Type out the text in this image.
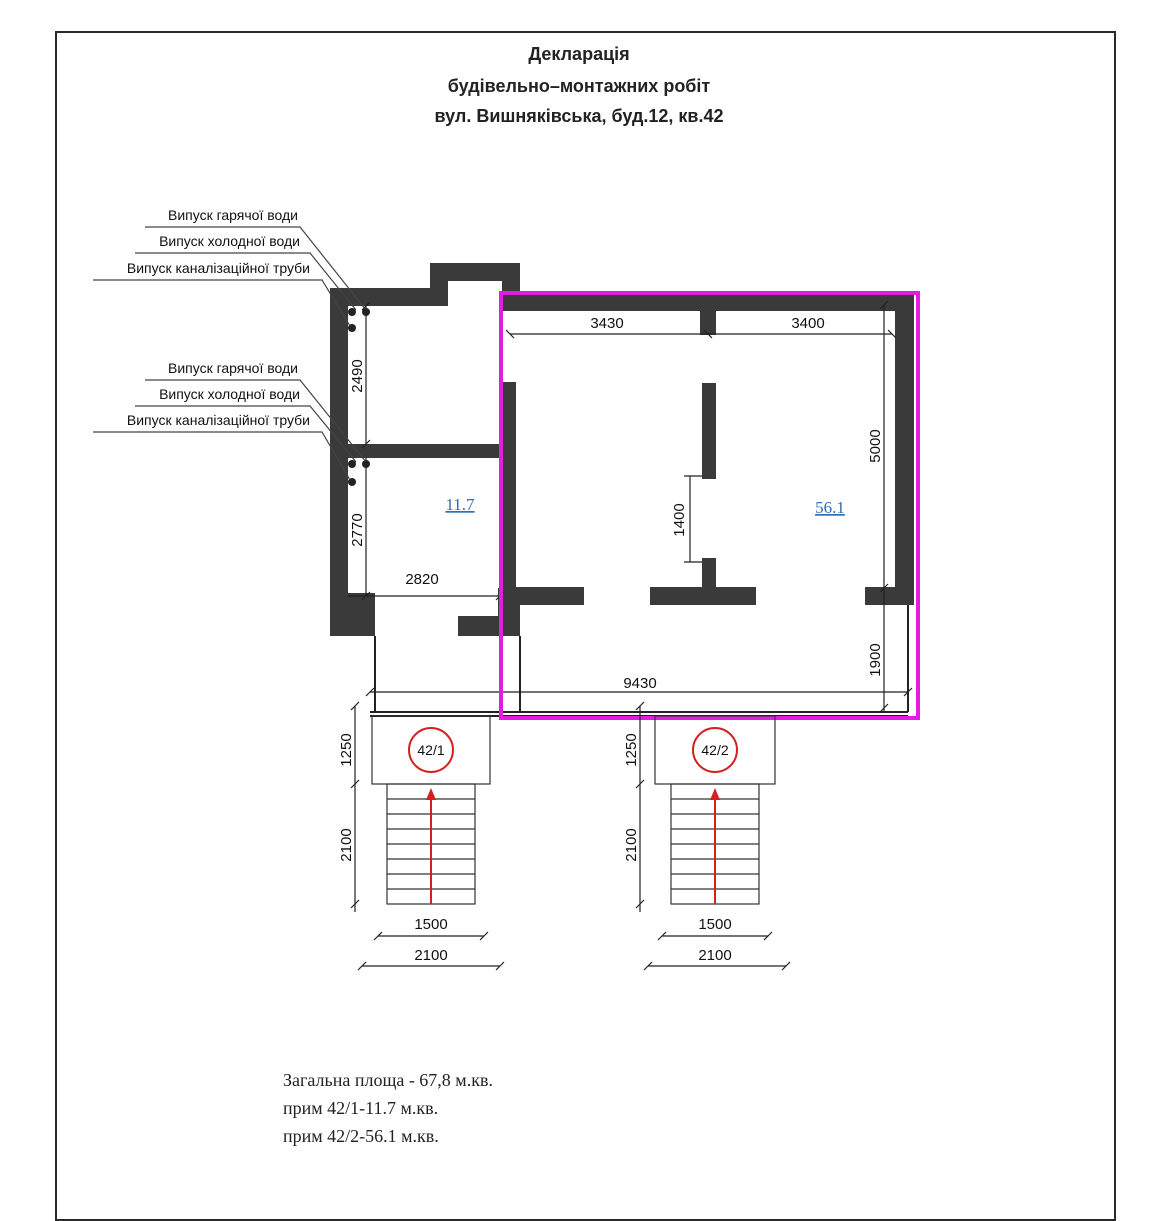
Декларація
будівельно–монтажних робіт
вул. Вишняківська, буд.12, кв.42
Випуск гарячої води
Випуск холодної води
Випуск каналізаційної труби
Випуск гарячої води
Випуск холодної води
Випуск каналізаційної труби
3430	3400
5000
1400
1900
9430
2490
2770
2820
11.7	56.1
42/1
1250
2100
1500
2100
42/2
1250
2100
1500
2100
Загальна площа - 67,8 м.кв.
прим 42/1-11.7 м.кв.
прим 42/2-56.1 м.кв.
